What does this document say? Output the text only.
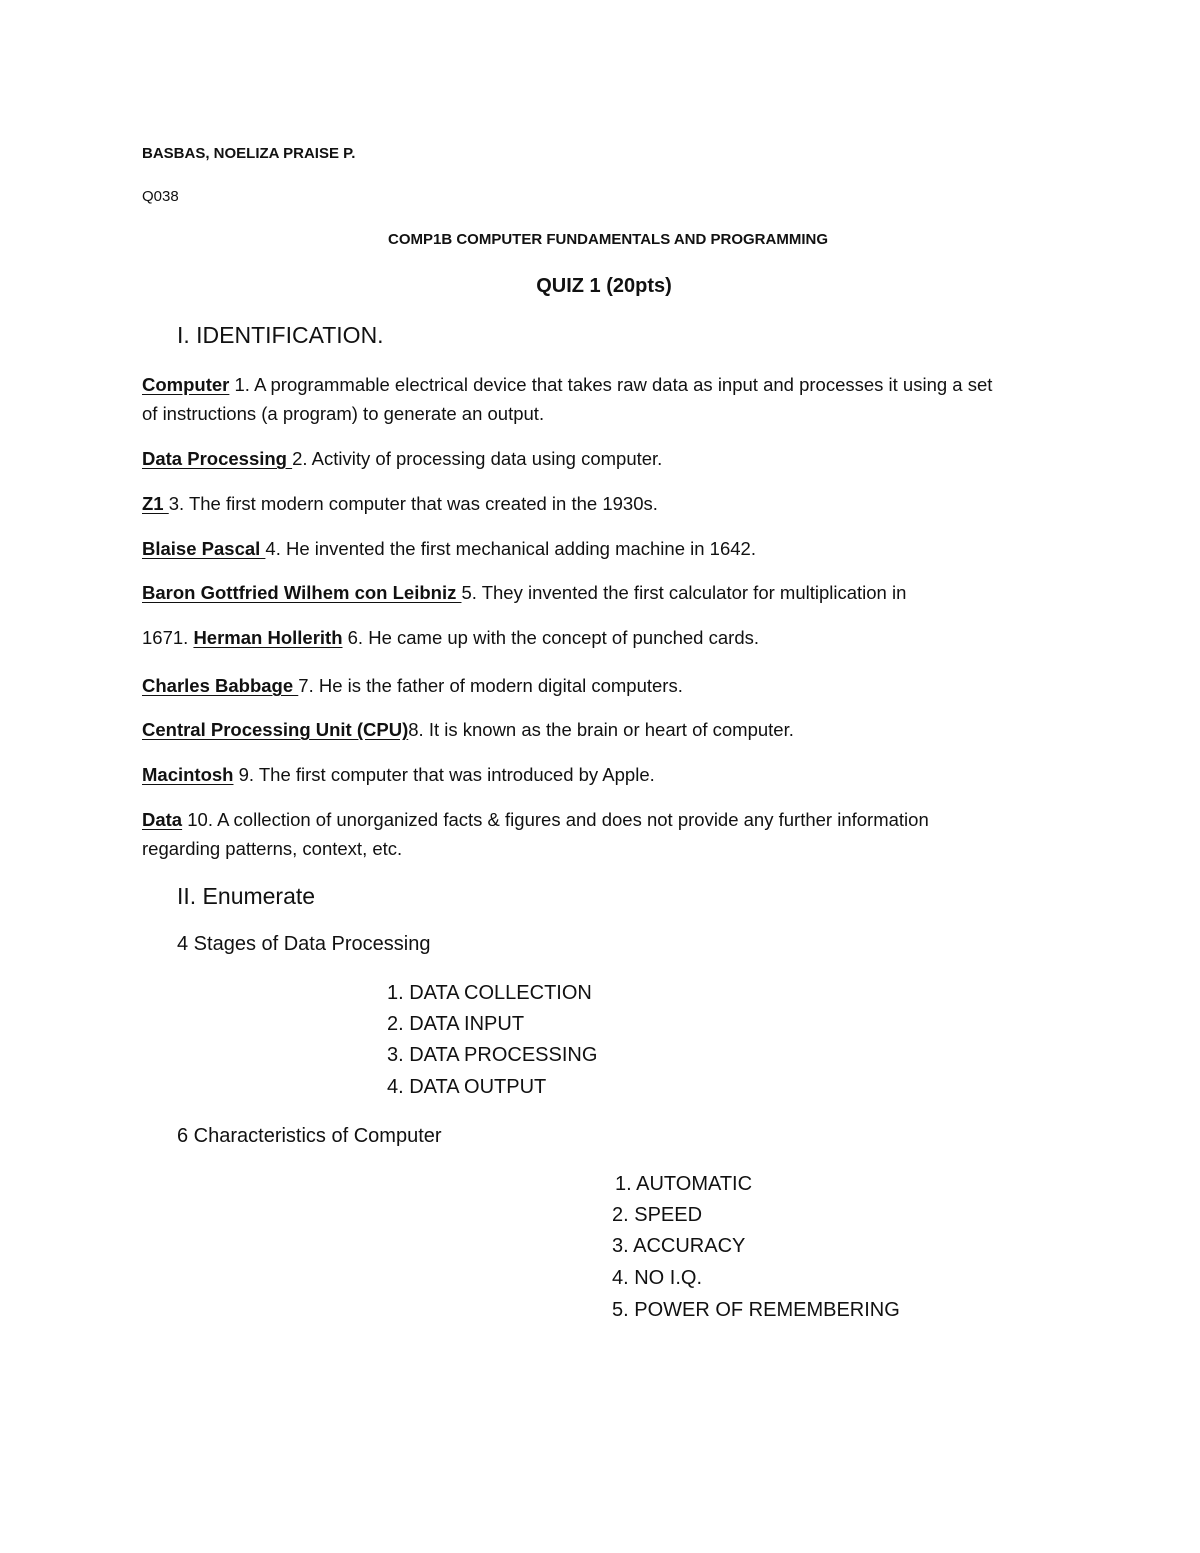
BASBAS, NOELIZA PRAISE P.
Q038
COMP1B COMPUTER FUNDAMENTALS AND PROGRAMMING
QUIZ 1 (20pts)
I. IDENTIFICATION.
Computer 1. A programmable electrical device that takes raw data as input and processes it using a set
of instructions (a program) to generate an output.
Data Processing 2. Activity of processing data using computer.
Z1 3. The first modern computer that was created in the 1930s.
Blaise Pascal 4. He invented the first mechanical adding machine in 1642.
Baron Gottfried Wilhem con Leibniz 5. They invented the first calculator for multiplication in
1671. Herman Hollerith 6. He came up with the concept of punched cards.
Charles Babbage 7. He is the father of modern digital computers.
Central Processing Unit (CPU)8. It is known as the brain or heart of computer.
Macintosh 9. The first computer that was introduced by Apple.
Data 10. A collection of unorganized facts & figures and does not provide any further information
regarding patterns, context, etc.
II. Enumerate
4 Stages of Data Processing
1. DATA COLLECTION
2. DATA INPUT
3. DATA PROCESSING
4. DATA OUTPUT
6 Characteristics of Computer
1. AUTOMATIC
2. SPEED
3. ACCURACY
4. NO I.Q.
5. POWER OF REMEMBERING
